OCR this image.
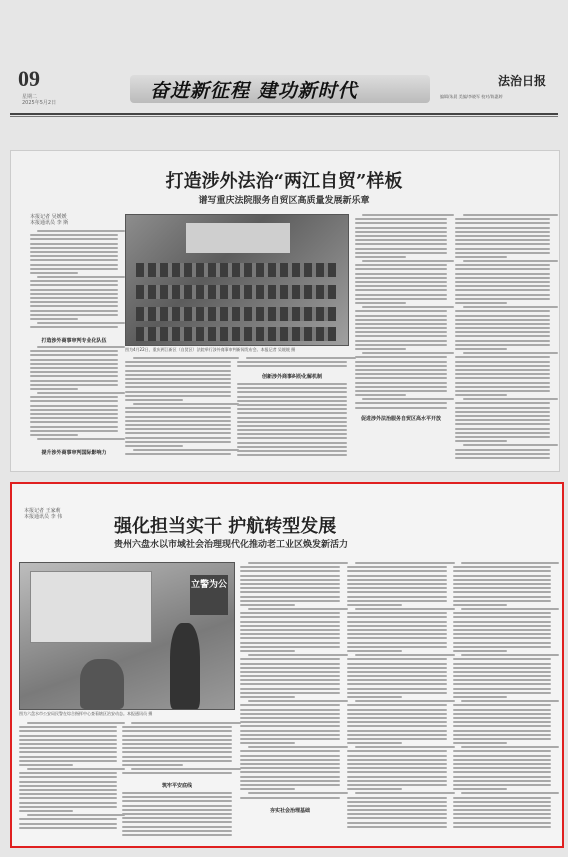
09
星期二
2025年5月2日
奋进新征程 建功新时代	编辑/朱晨 美编/李晓军 校对/陈惠婷
法治日报
打造涉外法治“两江自贸”样板
谱写重庆法院服务自贸区高质量发展新乐章
本报记者 吴媛媛
本报通讯员 李 斯
打造涉外商事审判专业化队伍
提升涉外商事审判国际影响力
图为4月22日，重庆两江新区（自贸区）法院举行涉外商事审判新闻发布会。本报记者 吴媛媛 摄
创新涉外商事纠纷化解机制
促进涉外法治服务自贸区高水平开放
强化担当实干 护航转型发展
贵州六盘水以市域社会治理现代化推动老工业区焕发新活力
本报记者 王家莉
本报通讯员 李 伟
立警为公
图为六盘水市公安局民警在综合指挥中心查看辖区治安动态。本报通讯员 摄
筑牢平安底线
夯实社会治理基础
